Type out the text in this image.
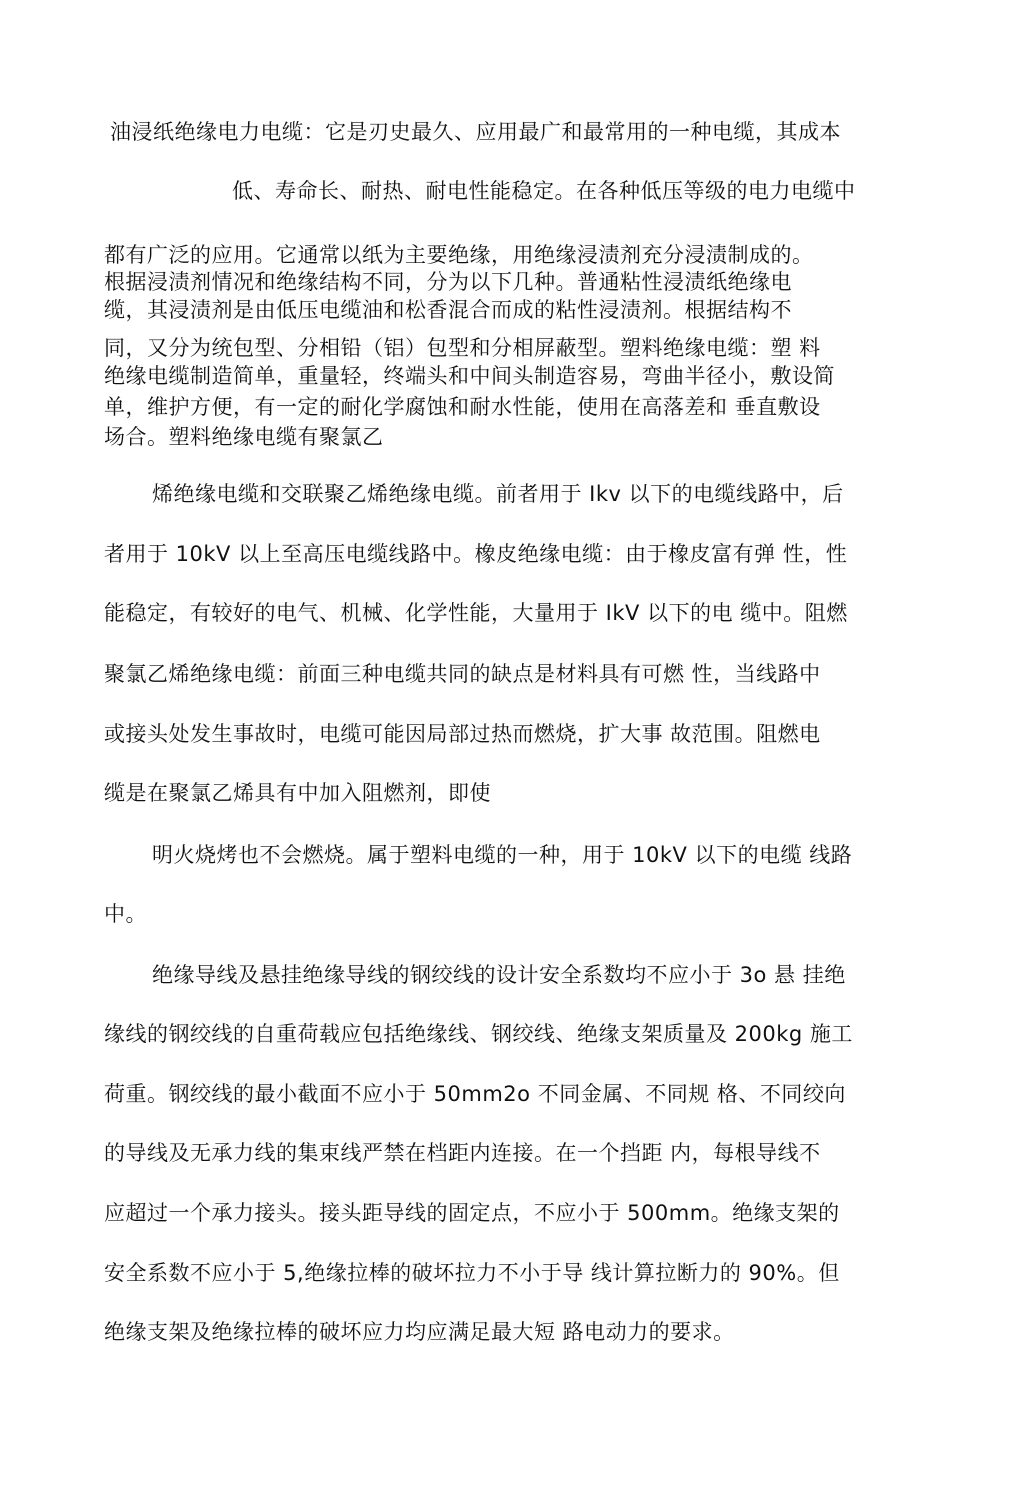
油浸纸绝缘电力电缆：它是刃史最久、应用最广和最常用的一种电缆，其成本
低、寿命长、耐热、耐电性能稳定。在各种低压等级的电力电缆中
都有广泛的应用。它通常以纸为主要绝缘，用绝缘浸渍剂充分浸渍制成的。
根据浸渍剂情况和绝缘结构不同，分为以下几种。普通粘性浸渍纸绝缘电
缆，其浸渍剂是由低压电缆油和松香混合而成的粘性浸渍剂。根据结构不
同，又分为统包型、分相铅（铝）包型和分相屏蔽型。塑料绝缘电缆：塑 料
绝缘电缆制造简单，重量轻，终端头和中间头制造容易，弯曲半径小，敷设简
单，维护方便，有一定的耐化学腐蚀和耐水性能，使用在高落差和 垂直敷设
场合。塑料绝缘电缆有聚氯乙
烯绝缘电缆和交联聚乙烯绝缘电缆。前者用于 Ikv 以下的电缆线路中，后
者用于 10kV 以上至高压电缆线路中。橡皮绝缘电缆：由于橡皮富有弹 性，性
能稳定，有较好的电气、机械、化学性能，大量用于 IkV 以下的电 缆中。阻燃
聚氯乙烯绝缘电缆：前面三种电缆共同的缺点是材料具有可燃 性，当线路中
或接头处发生事故时，电缆可能因局部过热而燃烧，扩大事 故范围。阻燃电
缆是在聚氯乙烯具有中加入阻燃剂，即使
明火烧烤也不会燃烧。属于塑料电缆的一种，用于 10kV 以下的电缆 线路
中。
绝缘导线及悬挂绝缘导线的钢绞线的设计安全系数均不应小于 3o 悬 挂绝
缘线的钢绞线的自重荷载应包括绝缘线、钢绞线、绝缘支架质量及 200kg 施工
荷重。钢绞线的最小截面不应小于 50mm2o 不同金属、不同规 格、不同绞向
的导线及无承力线的集束线严禁在档距内连接。在一个挡距 内，每根导线不
应超过一个承力接头。接头距导线的固定点，不应小于 500mm。绝缘支架的
安全系数不应小于 5,绝缘拉棒的破坏拉力不小于导 线计算拉断力的 90%。但
绝缘支架及绝缘拉棒的破坏应力均应满足最大短 路电动力的要求。
